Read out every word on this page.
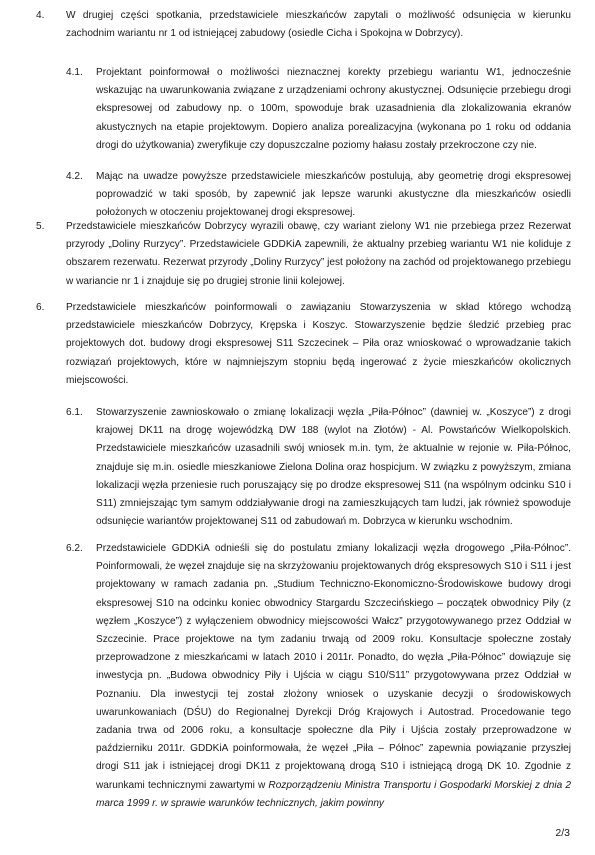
4. W drugiej części spotkania, przedstawiciele mieszkańców zapytali o możliwość odsunięcia w kierunku zachodnim wariantu nr 1 od istniejącej zabudowy (osiedle Cicha i Spokojna w Dobrzycy).
4.1. Projektant poinformował o możliwości nieznacznej korekty przebiegu wariantu W1, jednocześnie wskazując na uwarunkowania związane z urządzeniami ochrony akustycznej. Odsunięcie przebiegu drogi ekspresowej od zabudowy np. o 100m, spowoduje brak uzasadnienia dla zlokalizowania ekranów akustycznych na etapie projektowym. Dopiero analiza porealizacyjna (wykonana po 1 roku od oddania drogi do użytkowania) zweryfikuje czy dopuszczalne poziomy hałasu zostały przekroczone czy nie.
4.2. Mając na uwadze powyższe przedstawiciele mieszkańców postulują, aby geometrię drogi ekspresowej poprowadzić w taki sposób, by zapewnić jak lepsze warunki akustyczne dla mieszkańców osiedli położonych w otoczeniu projektowanej drogi ekspresowej.
5. Przedstawiciele mieszkańców Dobrzycy wyrazili obawę, czy wariant zielony W1 nie przebiega przez Rezerwat przyrody „Doliny Rurzycy”. Przedstawiciele GDDKiA zapewnili, że aktualny przebieg wariantu W1 nie koliduje z obszarem rezerwatu. Rezerwat przyrody „Doliny Rurzycy” jest położony na zachód od projektowanego przebiegu w wariancie nr 1 i znajduje się po drugiej stronie linii kolejowej.
6. Przedstawiciele mieszkańców poinformowali o zawiązaniu Stowarzyszenia w skład którego wchodzą przedstawiciele mieszkańców Dobrzycy, Krępska i Koszyc. Stowarzyszenie będzie śledzić przebieg prac projektowych dot. budowy drogi ekspresowej S11 Szczecinek – Piła oraz wnioskować o wprowadzanie takich rozwiązań projektowych, które w najmniejszym stopniu będą ingerować z życie mieszkańców okolicznych miejscowości.
6.1. Stowarzyszenie zawnioskowało o zmianę lokalizacji węzła „Piła-Północ” (dawniej w. „Koszyce”) z drogi krajowej DK11 na drogę wojewódzką DW 188 (wylot na Złotów) - Al. Powstańców Wielkopolskich. Przedstawiciele mieszkańców uzasadnili swój wniosek m.in. tym, że aktualnie w rejonie w. Piła-Północ, znajduje się m.in. osiedle mieszkaniowe Zielona Dolina oraz hospicjum. W związku z powyższym, zmiana lokalizacji węzła przeniesie ruch poruszający się po drodze ekspresowej S11 (na wspólnym odcinku S10 i S11) zmniejszając tym samym oddziaływanie drogi na zamieszkujących tam ludzi, jak również spowoduje odsunięcie wariantów projektowanej S11 od zabudowań m. Dobrzyca w kierunku wschodnim.
6.2. Przedstawiciele GDDKiA odnieśli się do postulatu zmiany lokalizacji węzła drogowego „Piła-Północ”. Poinformowali, że węzeł znajduje się na skrzyżowaniu projektowanych dróg ekspresowych S10 i S11 i jest projektowany w ramach zadania pn. „Studium Techniczno-Ekonomiczno-Środowiskowe budowy drogi ekspresowej S10 na odcinku koniec obwodnicy Stargardu Szczecińskiego – początek obwodnicy Piły (z węzłem „Koszyce”) z wyłączeniem obwodnicy miejscowości Wałcz” przygotowywanego przez Oddział w Szczecinie. Prace projektowe na tym zadaniu trwają od 2009 roku. Konsultacje społeczne zostały przeprowadzone z mieszkańcami w latach 2010 i 2011r. Ponadto, do węzła „Piła-Północ” dowiązuje się inwestycja pn. „Budowa obwodnicy Piły i Ujścia w ciągu S10/S11” przygotowywana przez Oddział w Poznaniu. Dla inwestycji tej został złożony wniosek o uzyskanie decyzji o środowiskowych uwarunkowaniach (DŚU) do Regionalnej Dyrekcji Dróg Krajowych i Autostrad. Procedowanie tego zadania trwa od 2006 roku, a konsultacje społeczne dla Piły i Ujścia zostały przeprowadzone w październiku 2011r. GDDKiA poinformowała, że węzeł „Piła – Północ” zapewnia powiązanie przyszłej drogi S11 jak i istniejącej drogi DK11 z projektowaną drogą S10 i istniejącą drogą DK 10. Zgodnie z warunkami technicznymi zawartymi w Rozporządzeniu Ministra Transportu i Gospodarki Morskiej z dnia 2 marca 1999 r. w sprawie warunków technicznych, jakim powinny
2/3
